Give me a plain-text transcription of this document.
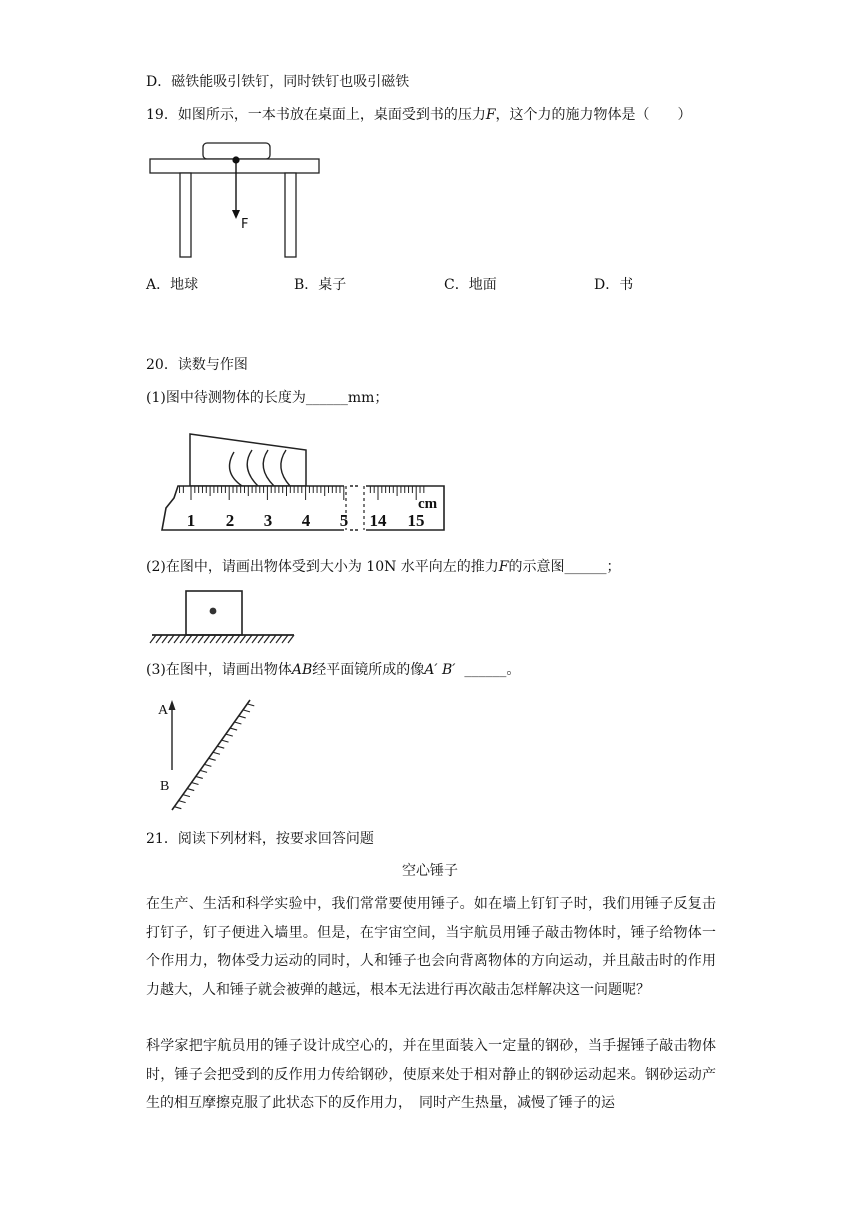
D．磁铁能吸引铁钉，同时铁钉也吸引磁铁
19．如图所示，一本书放在桌面上，桌面受到书的压力F，这个力的施力物体是（　　）
F
A．地球	B．桌子	C．地面	D．书
20．读数与作图
(1)图中待测物体的长度为______mm；
1 2 3 4 5 14 15
cm
(2)在图中，请画出物体受到大小为 10N 水平向左的推力F的示意图______；
(3)在图中，请画出物体AB经平面镜所成的像A′ B′ ______。
A
B
21．阅读下列材料，按要求回答问题
空心锤子
在生产、生活和科学实验中，我们常常要使用锤子。如在墙上钉钉子时，我们用锤子反复击打钉子，钉子便进入墙里。但是，在宇宙空间，当宇航员用锤子敲击物体时，锤子给物体一个作用力，物体受力运动的同时，人和锤子也会向背离物体的方向运动，并且敲击时的作用力越大，人和锤子就会被弹的越远，根本无法进行再次敲击怎样解决这一问题呢？
科学家把宇航员用的锤子设计成空心的，并在里面装入一定量的钢砂，当手握锤子敲击物体时，锤子会把受到的反作用力传给钢砂，使原来处于相对静止的钢砂运动起来。钢砂运动产生的相互摩擦克服了此状态下的反作用力，　同时产生热量，减慢了锤子的运
